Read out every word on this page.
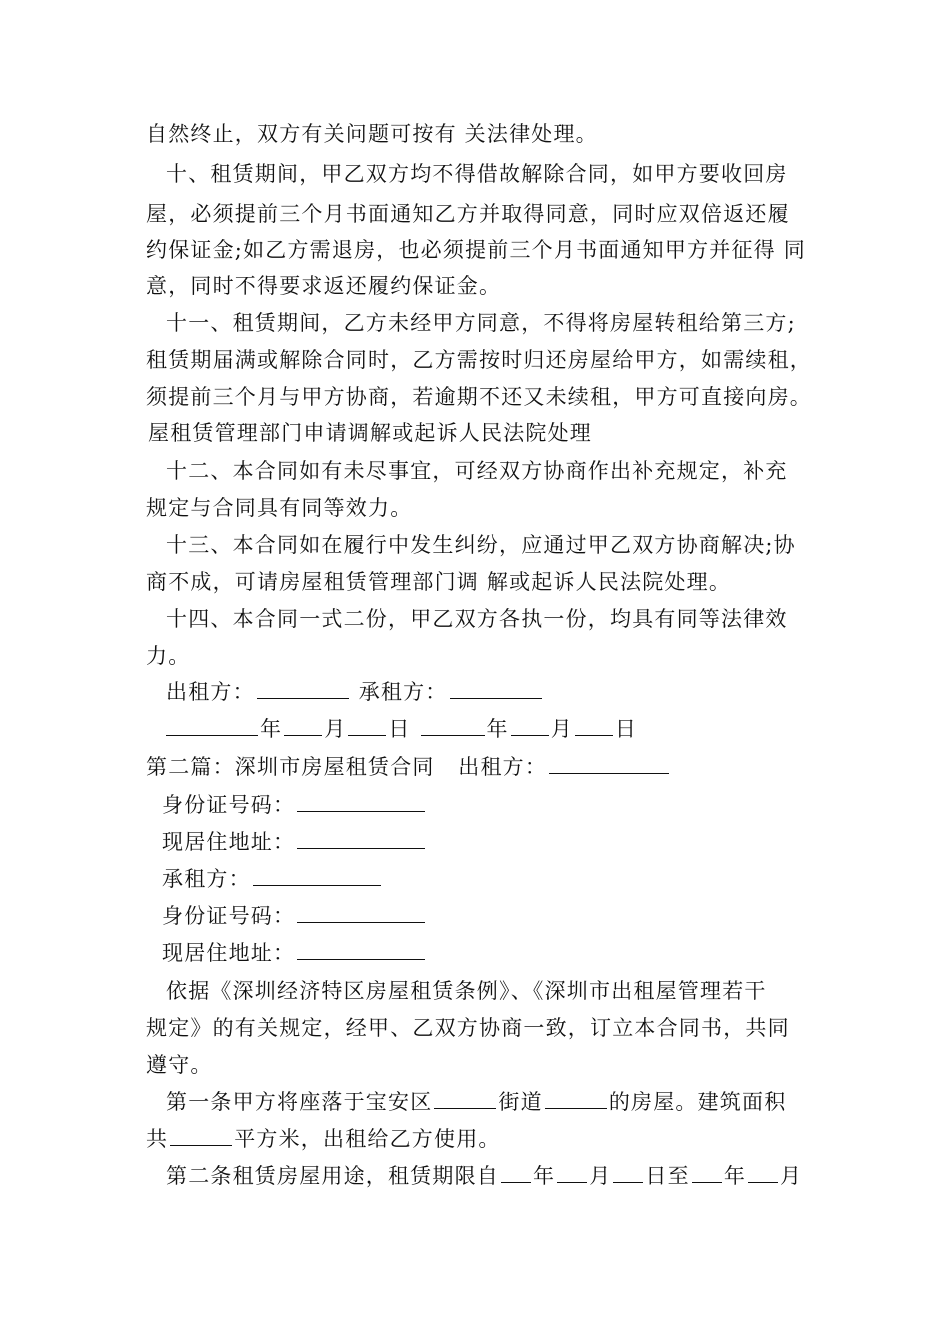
自然终止，双方有关问题可按有 关法律处理。
十、租赁期间，甲乙双方均不得借故解除合同，如甲方要收回房
屋，必须提前三个月书面通知乙方并取得同意，同时应双倍返还履
约保证金;如乙方需退房，也必须提前三个月书面通知甲方并征得 同
意，同时不得要求返还履约保证金。
十一、租赁期间，乙方未经甲方同意，不得将房屋转租给第三方;
租赁期届满或解除合同时，乙方需按时归还房屋给甲方，如需续租，
须提前三个月与甲方协商，若逾期不还又未续租，甲方可直接向房。
屋租赁管理部门申请调解或起诉人民法院处理
十二、本合同如有未尽事宜，可经双方协商作出补充规定，补充
规定与合同具有同等效力。
十三、本合同如在履行中发生纠纷，应通过甲乙双方协商解决;协
商不成，可请房屋租赁管理部门调 解或起诉人民法院处理。
十四、本合同一式二份，甲乙双方各执一份，均具有同等法律效
力。
出租方：	承租方：
年 月 日	年 月 日
第二篇：深圳市房屋租赁合同 出租方：
身份证号码：
现居住地址：
承租方：
身份证号码：
现居住地址：
依据《深圳经济特区房屋租赁条例》、《深圳市出租屋管理若干
规定》的有关规定，经甲、乙双方协商一致，订立本合同书，共同
遵守。
第一条甲方将座落于宝安区	街道	的房屋。建筑面积
共	平方米，出租给乙方使用。
第二条租赁房屋用途，租赁期限自 年 月 日至 年 月
